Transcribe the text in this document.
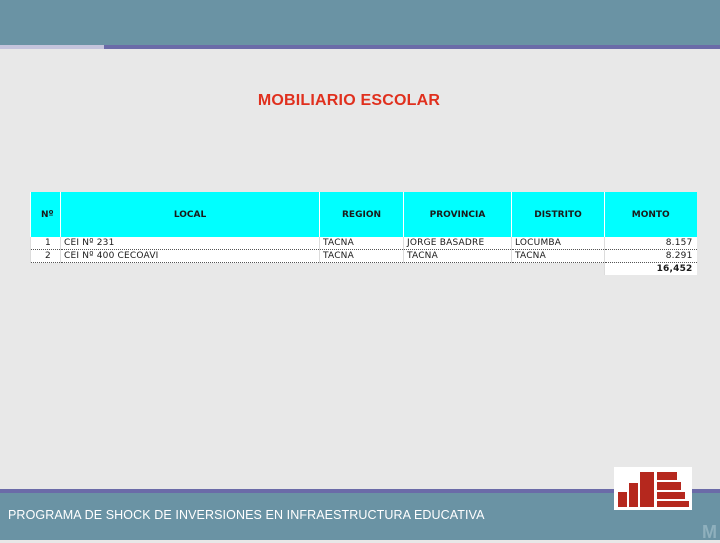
MOBILIARIO ESCOLAR
Nº	LOCAL	REGION	PROVINCIA	DISTRITO	MONTO
1	CEI Nº 231	TACNA	JORGE BASADRE	LOCUMBA	8.157
2	CEI Nº 400 CECOAVI	TACNA	TACNA	TACNA	8.291
					16,452
PROGRAMA DE SHOCK DE INVERSIONES EN INFRAESTRUCTURA EDUCATIVA
M
